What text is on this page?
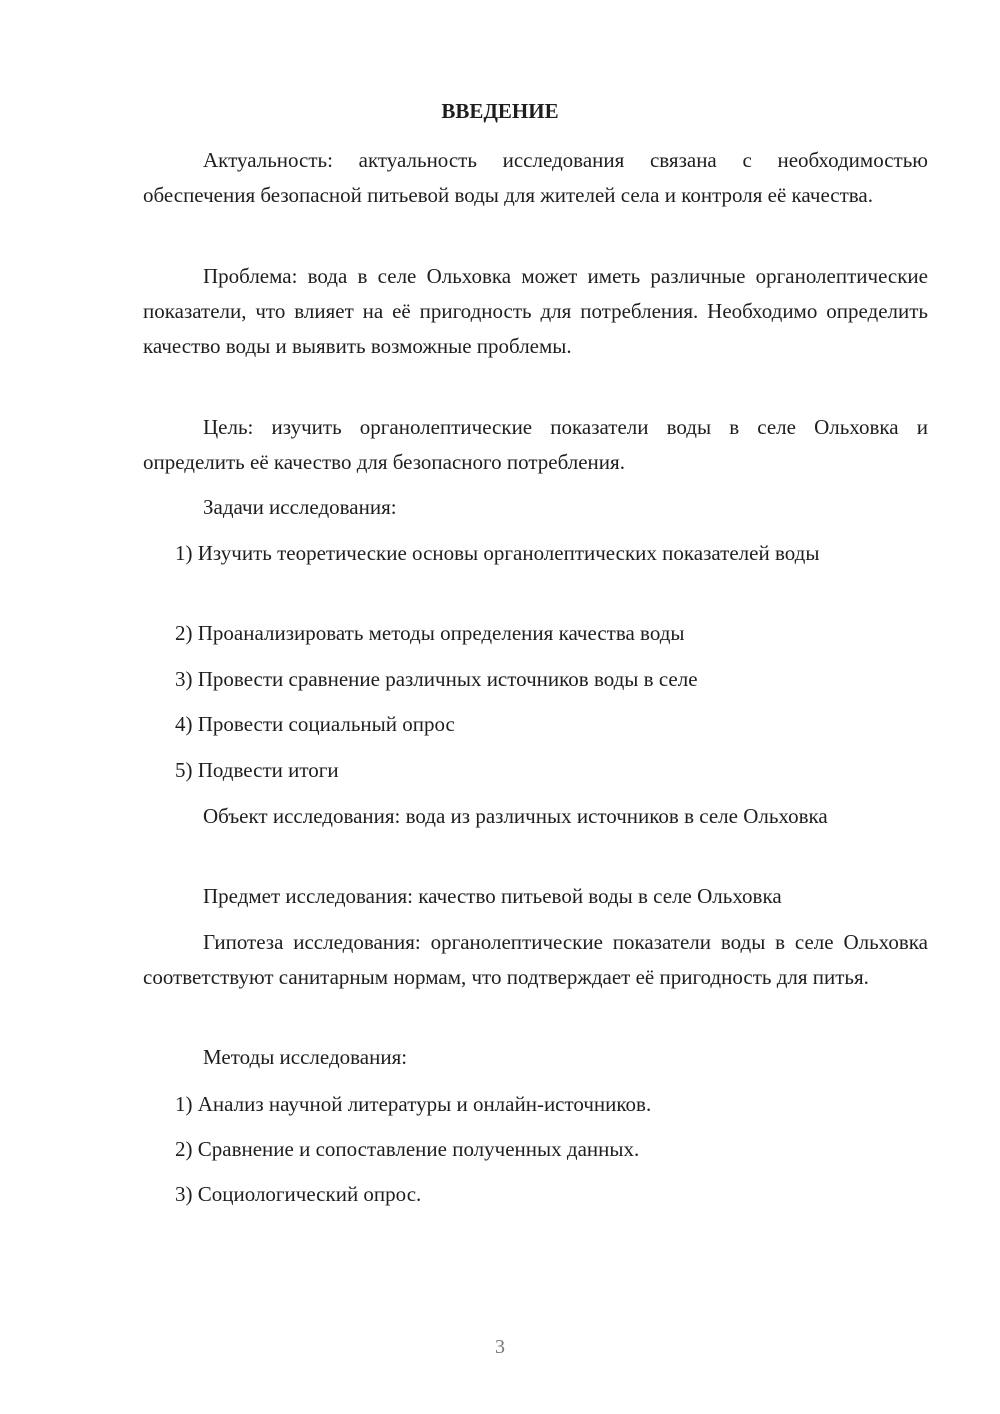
ВВЕДЕНИЕ

Актуальность: актуальность исследования связана с необходимостью обеспечения безопасной питьевой воды для жителей села и контроля её качества.

Проблема: вода в селе Ольховка может иметь различные органолептические показатели, что влияет на её пригодность для потребления. Необходимо определить качество воды и выявить возможные проблемы.

Цель: изучить органолептические показатели воды в селе Ольховка и определить её качество для безопасного потребления.

Задачи исследования:

1) Изучить теоретические основы органолептических показателей воды

2) Проанализировать методы определения качества воды

3) Провести сравнение различных источников воды в селе

4) Провести социальный опрос

5) Подвести итоги

Объект исследования: вода из различных источников в селе Ольховка

Предмет исследования: качество питьевой воды в селе Ольховка

Гипотеза исследования: органолептические показатели воды в селе Ольховка соответствуют санитарным нормам, что подтверждает её пригодность для питья.

Методы исследования:

1) Анализ научной литературы и онлайн-источников.

2) Сравнение и сопоставление полученных данных.

3) Социологический опрос.

3
